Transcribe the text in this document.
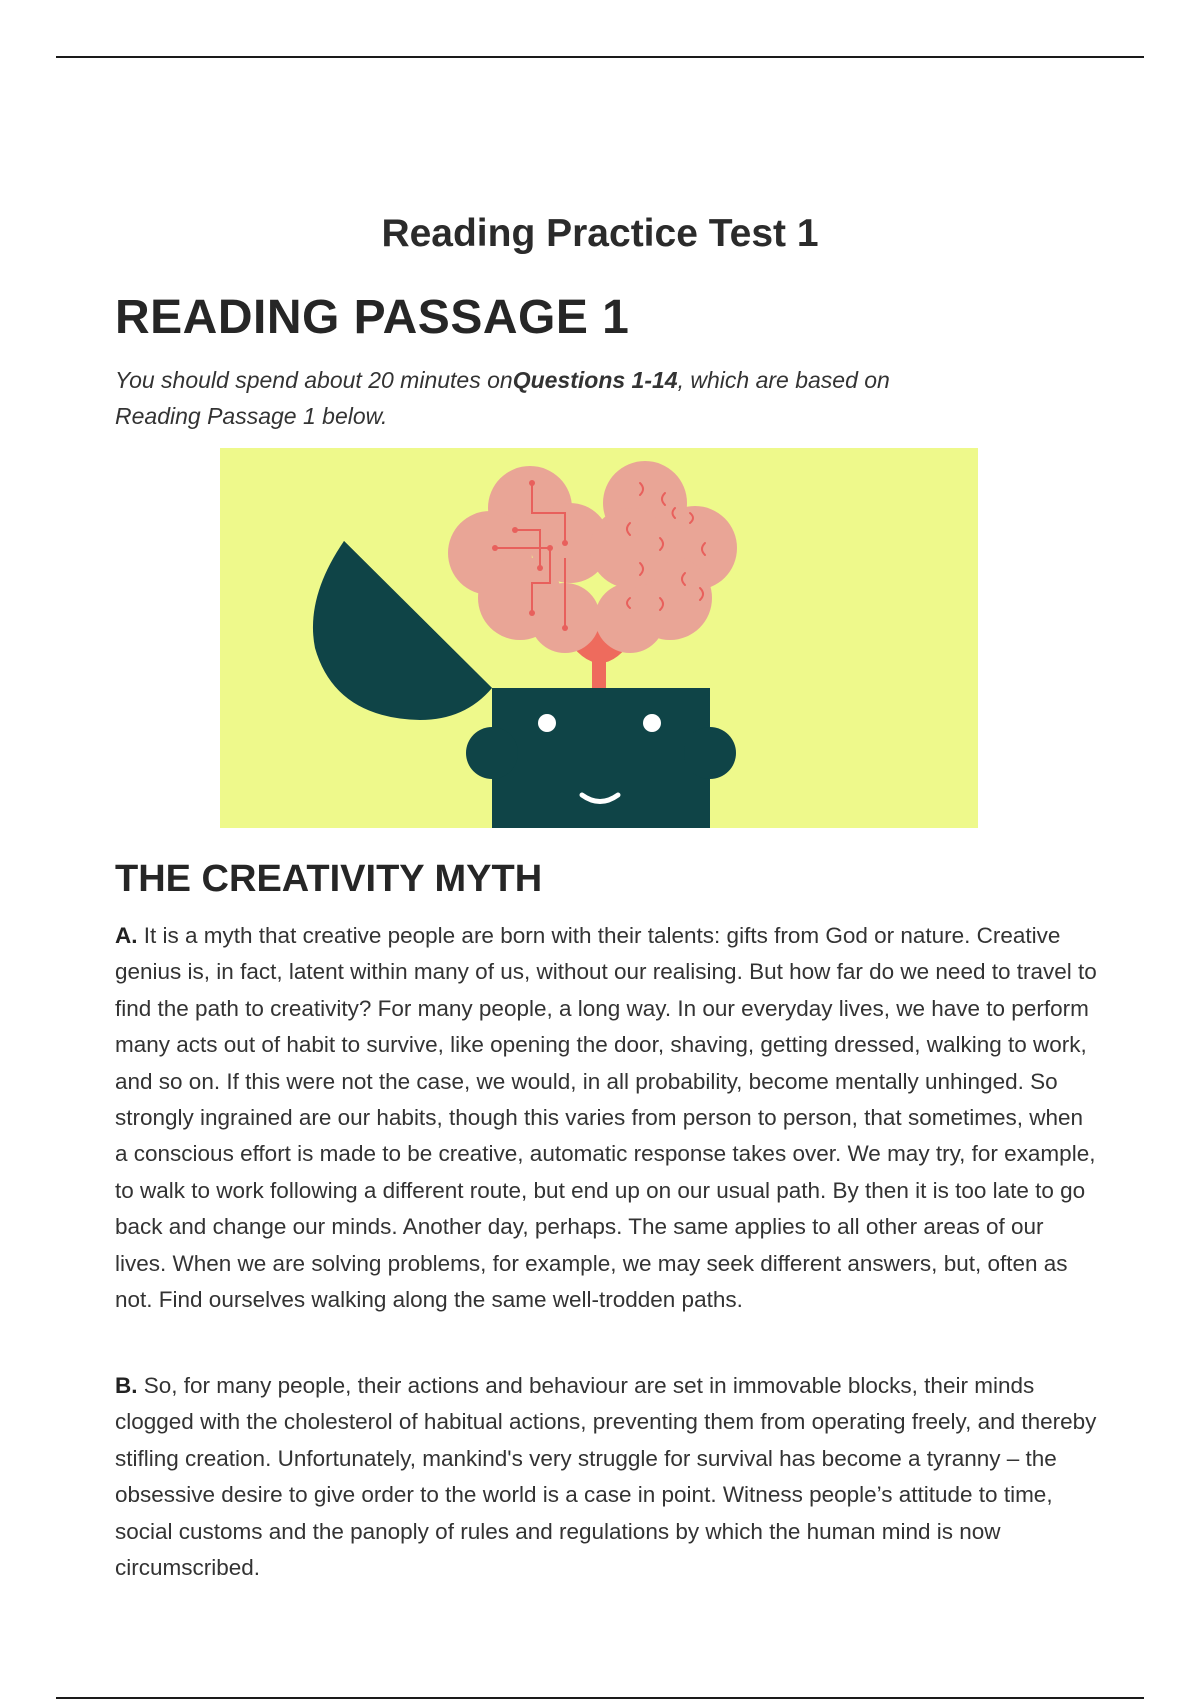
Reading Practice Test 1
READING PASSAGE 1

You should spend about 20 minutes onQuestions 1-14, which are based on Reading Passage 1 below.

THE CREATIVITY MYTH

A. It is a myth that creative people are born with their talents: gifts from God or nature. Creative genius is, in fact, latent within many of us, without our realising. But how far do we need to travel to find the path to creativity? For many people, a long way. In our everyday lives, we have to perform many acts out of habit to survive, like opening the door, shaving, getting dressed, walking to work, and so on. If this were not the case, we would, in all probability, become mentally unhinged. So strongly ingrained are our habits, though this varies from person to person, that sometimes, when a conscious effort is made to be creative, automatic response takes over. We may try, for example, to walk to work following a different route, but end up on our usual path. By then it is too late to go back and change our minds. Another day, perhaps. The same applies to all other areas of our lives. When we are solving problems, for example, we may seek different answers, but, often as not. Find ourselves walking along the same well-trodden paths.

B. So, for many people, their actions and behaviour are set in immovable blocks, their minds clogged with the cholesterol of habitual actions, preventing them from operating freely, and thereby stifling creation. Unfortunately, mankind's very struggle for survival has become a tyranny – the obsessive desire to give order to the world is a case in point. Witness people’s attitude to time, social customs and the panoply of rules and regulations by which the human mind is now circumscribed.
